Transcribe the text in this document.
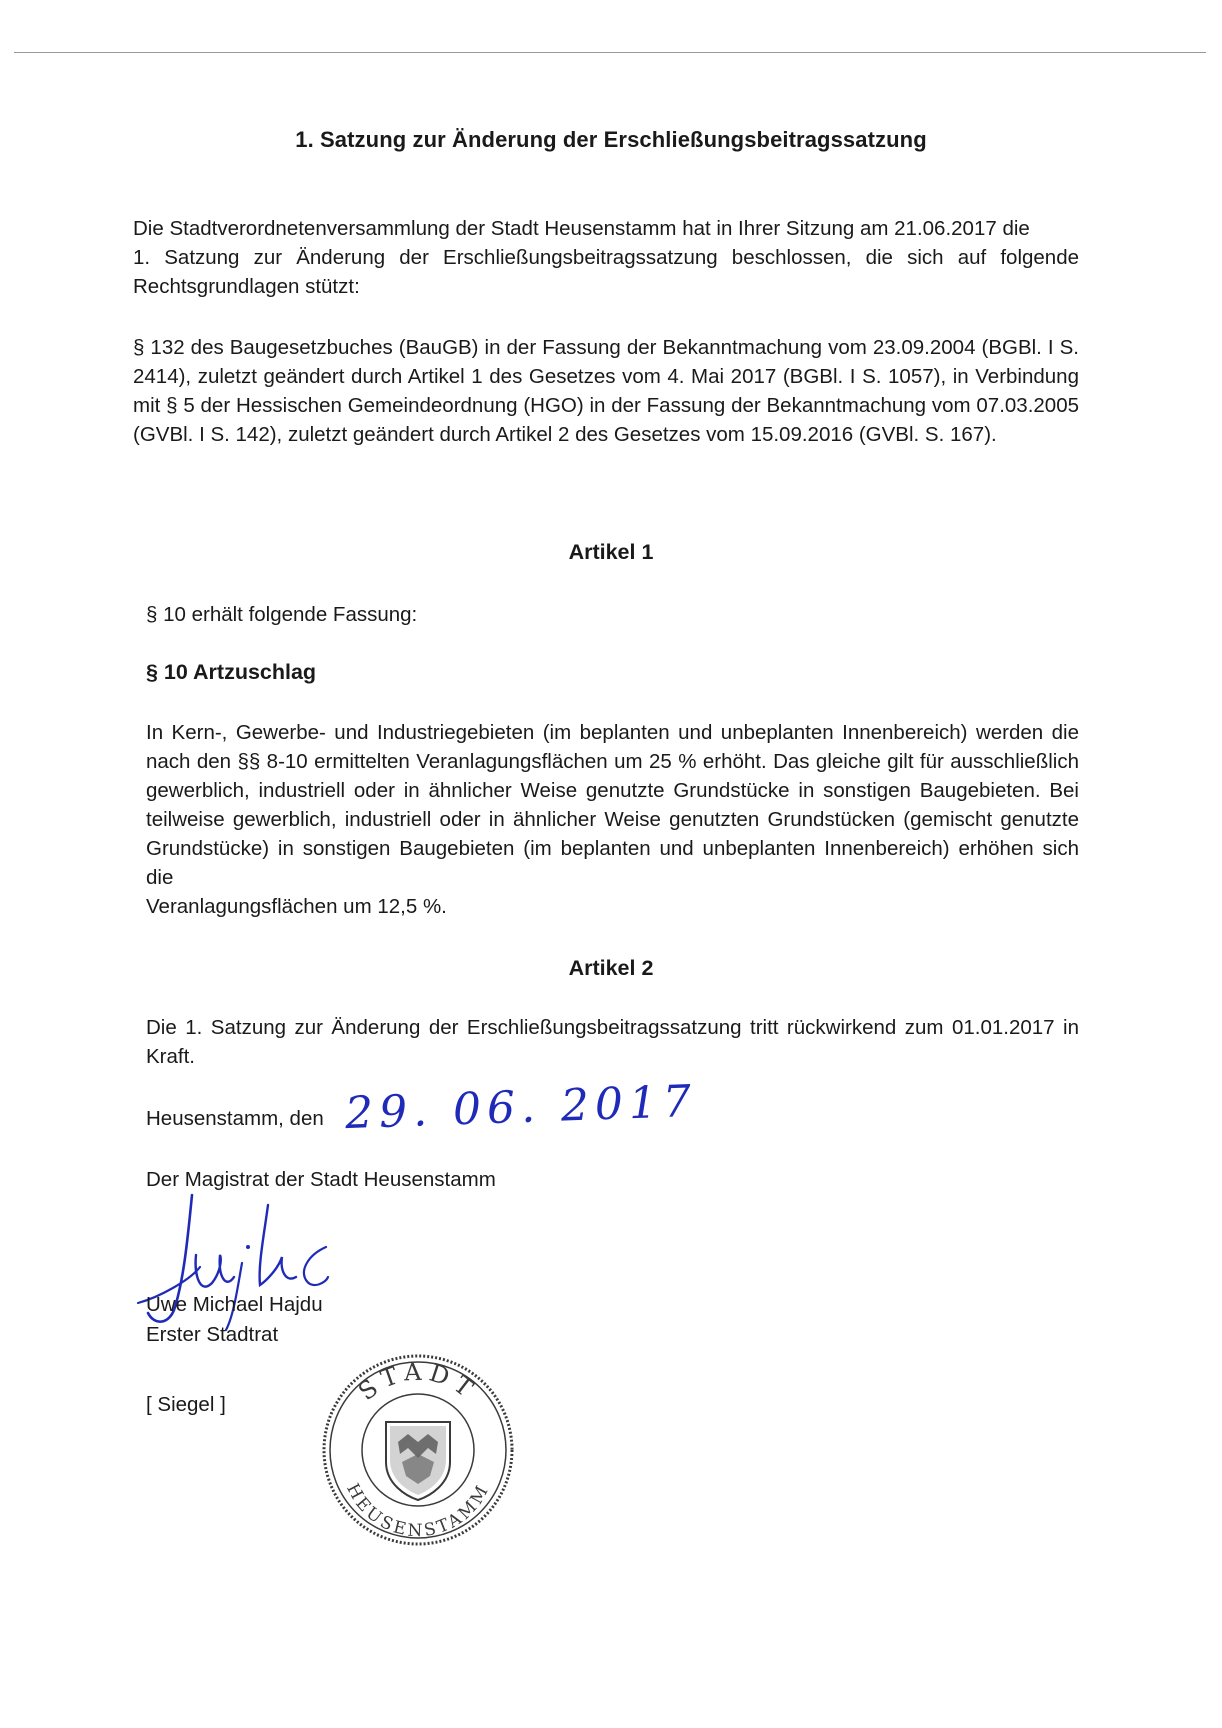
1. Satzung zur Änderung der Erschließungsbeitragssatzung
Die Stadtverordnetenversammlung der Stadt Heusenstamm hat in Ihrer Sitzung am 21.06.2017 die
1. Satzung zur Änderung der Erschließungsbeitragssatzung beschlossen, die sich auf folgende
Rechtsgrundlagen stützt:
§ 132 des Baugesetzbuches (BauGB) in der Fassung der Bekanntmachung vom 23.09.2004 (BGBl. I S.
2414), zuletzt geändert durch Artikel 1 des Gesetzes vom 4. Mai 2017 (BGBl. I S. 1057), in Verbindung
mit § 5 der Hessischen Gemeindeordnung (HGO) in der Fassung der Bekanntmachung vom 07.03.2005
(GVBl. I S. 142), zuletzt geändert durch Artikel 2 des Gesetzes vom 15.09.2016 (GVBl. S. 167).
Artikel 1
§ 10 erhält folgende Fassung:
§ 10 Artzuschlag
In Kern-, Gewerbe- und Industriegebieten (im beplanten und unbeplanten Innenbereich) werden die
nach den §§ 8-10 ermittelten Veranlagungsflächen um 25 % erhöht. Das gleiche gilt für ausschließlich
gewerblich, industriell oder in ähnlicher Weise genutzte Grundstücke in sonstigen Baugebieten. Bei
teilweise gewerblich, industriell oder in ähnlicher Weise genutzten Grundstücken (gemischt genutzte
Grundstücke) in sonstigen Baugebieten (im beplanten und unbeplanten Innenbereich) erhöhen sich die
Veranlagungsflächen um 12,5 %.
Artikel 2
Die 1. Satzung zur Änderung der Erschließungsbeitragssatzung tritt rückwirkend zum 01.01.2017 in
Kraft.
Heusenstamm, den 29. 06. 2017
Der Magistrat der Stadt Heusenstamm
Uwe Michael Hajdu
Erster Stadtrat
[ Siegel ]	STADT
HEUSENSTAMM
